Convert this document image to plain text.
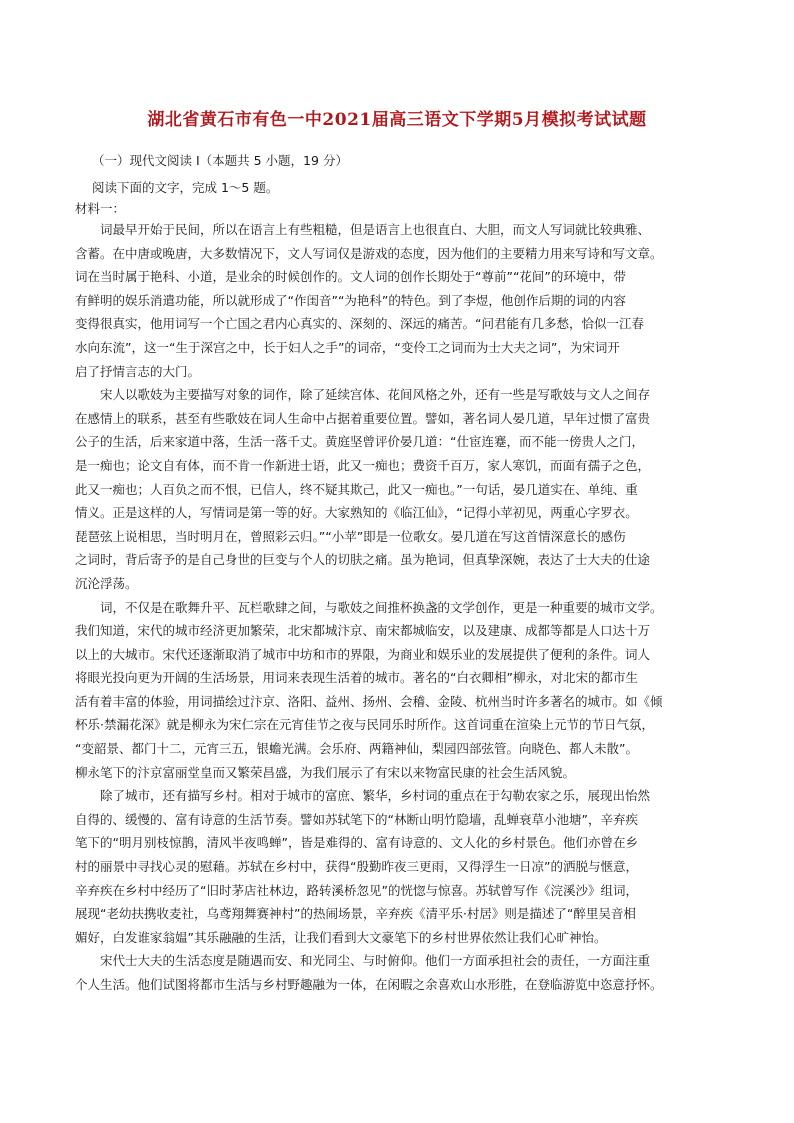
湖北省黄石市有色一中2021届高三语文下学期5月模拟考试试题
（一）现代文阅读 I（本题共 5 小题，19 分）
阅读下面的文字，完成 1～5 题。
材料一：
词最早开始于民间，所以在语言上有些粗糙，但是语言上也很直白、大胆，而文人写词就比较典雅、
含蓄。在中唐或晚唐，大多数情况下，文人写词仅是游戏的态度，因为他们的主要精力用来写诗和写文章。
词在当时属于艳科、小道，是业余的时候创作的。文人词的创作长期处于“尊前”“花间”的环境中，带
有鲜明的娱乐消遣功能，所以就形成了“作闺音”“为艳科”的特色。到了李煜，他创作后期的词的内容
变得很真实，他用词写一个亡国之君内心真实的、深刻的、深远的痛苦。“问君能有几多愁，恰似一江春
水向东流”，这一“生于深宫之中，长于妇人之手”的词帝，“变伶工之词而为士大夫之词”，为宋词开
启了抒情言志的大门。
宋人以歌妓为主要描写对象的词作，除了延续宫体、花间风格之外，还有一些是写歌妓与文人之间存
在感情上的联系，甚至有些歌妓在词人生命中占据着重要位置。譬如，著名词人晏几道，早年过惯了富贵
公子的生活，后来家道中落，生活一落千丈。黄庭坚曾评价晏几道：“仕宦连蹇，而不能一傍贵人之门，
是一痴也；论文自有体，而不肯一作新进士语，此又一痴也；费资千百万，家人寒饥，而面有孺子之色，
此又一痴也；人百负之而不恨，已信人，终不疑其欺己，此又一痴也。”一句话，晏几道实在、单纯、重
情义。正是这样的人，写情词是第一等的好。大家熟知的《临江仙》，“记得小苹初见，两重心字罗衣。
琵琶弦上说相思，当时明月在，曾照彩云归。”“小苹”即是一位歌女。晏几道在写这首情深意长的感伤
之词时，背后寄予的是自己身世的巨变与个人的切肤之痛。虽为艳词，但真挚深婉，表达了士大夫的仕途
沉沦浮荡。
词，不仅是在歌舞升平、瓦栏歌肆之间，与歌妓之间推杯换盏的文学创作，更是一种重要的城市文学。
我们知道，宋代的城市经济更加繁荣，北宋都城汴京、南宋都城临安，以及建康、成都等都是人口达十万
以上的大城市。宋代还逐渐取消了城市中坊和市的界限，为商业和娱乐业的发展提供了便利的条件。词人
将眼光投向更为开阔的生活场景，用词来表现生活着的城市。著名的“白衣卿相”柳永，对北宋的都市生
活有着丰富的体验，用词描绘过汴京、洛阳、益州、扬州、会稽、金陵、杭州当时许多著名的城市。如《倾
杯乐·禁漏花深》就是柳永为宋仁宗在元宵佳节之夜与民同乐时所作。这首词重在渲染上元节的节日气氛，
“变韶景、都门十二，元宵三五，银蟾光满。会乐府、两籍神仙，梨园四部弦管。向晓色、都人未散”。
柳永笔下的汴京富丽堂皇而又繁荣昌盛，为我们展示了有宋以来物富民康的社会生活风貌。
除了城市，还有描写乡村。相对于城市的富庶、繁华，乡村词的重点在于勾勒农家之乐，展现出怡然
自得的、缓慢的、富有诗意的生活节奏。譬如苏轼笔下的“林断山明竹隐墙，乱蝉衰草小池塘”，辛弃疾
笔下的“明月别枝惊鹊，清风半夜鸣蝉”，皆是难得的、富有诗意的、文人化的乡村景色。他们亦曾在乡
村的丽景中寻找心灵的慰藉。苏轼在乡村中，获得“殷勤昨夜三更雨，又得浮生一日凉”的洒脱与惬意，
辛弃疾在乡村中经历了“旧时茅店社林边，路转溪桥忽见”的恍惚与惊喜。苏轼曾写作《浣溪沙》组词，
展现“老幼扶携收麦社，乌鸢翔舞赛神村”的热闹场景，辛弃疾《清平乐·村居》则是描述了“醉里吴音相
媚好，白发谁家翁媪”其乐融融的生活，让我们看到大文豪笔下的乡村世界依然让我们心旷神怡。
宋代士大夫的生活态度是随遇而安、和光同尘、与时俯仰。他们一方面承担社会的责任，一方面注重
个人生活。他们试图将都市生活与乡村野趣融为一体，在闲暇之余喜欢山水形胜，在登临游览中恣意抒怀。
